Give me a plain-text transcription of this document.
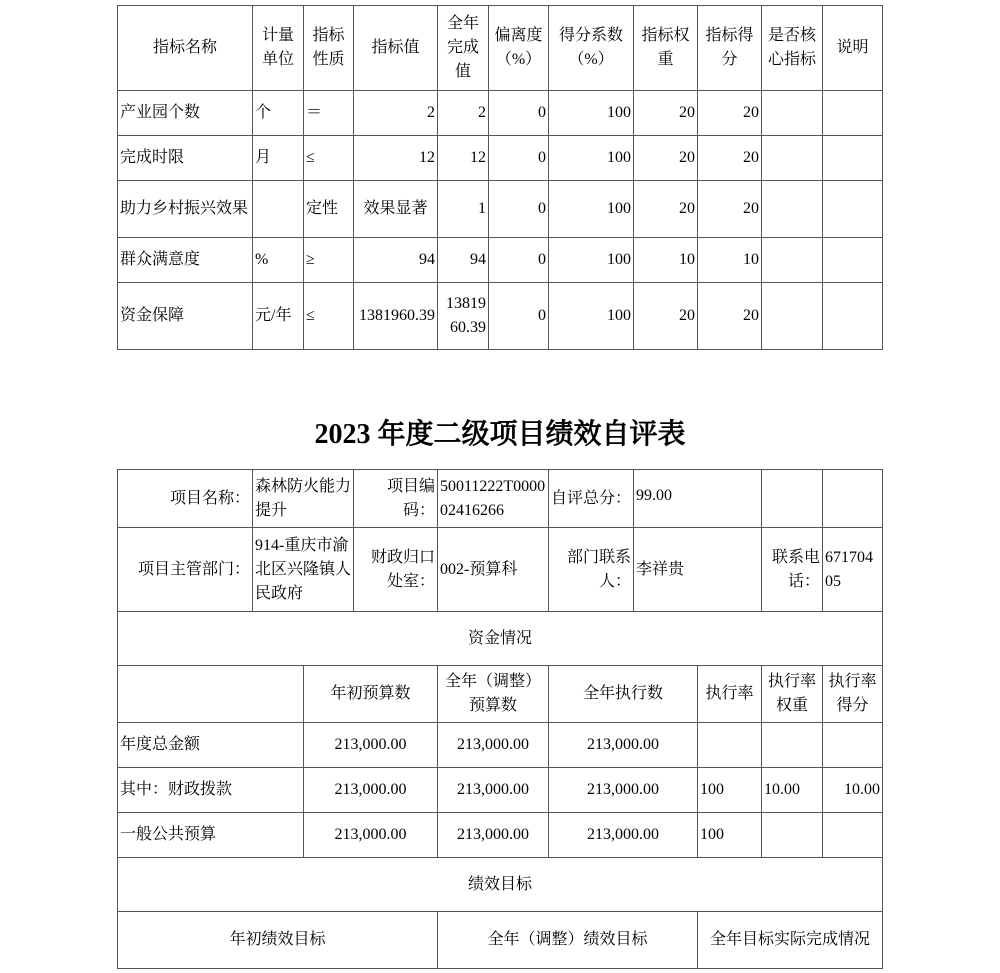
指标名称	计量单位	指标性质	指标值	全年完成值	偏离度（%）	得分系数（%）	指标权重	指标得分	是否核心指标	说明
产业园个数	个	＝	2	2	0	100	20	20		
完成时限	月	≤	12	12	0	100	20	20		
助力乡村振兴效果		定性	效果显著	1	0	100	20	20		
群众满意度	%	≥	94	94	0	100	10	10		
资金保障	元/年	≤	1381960.39	1381960.39	0	100	20	20		
2023 年度二级项目绩效自评表
项目名称：	森林防火能力提升		项目编码：	50011222T000002416266	自评总分：	99.00			
项目主管部门：	914-重庆市渝北区兴隆镇人民政府		财政归口处室：	002-预算科	部门联系人：	李祥贵		联系电话：	67170405
资金情况									
		年初预算数		全年（调整）预算数	全年执行数		执行率	执行率权重	执行率得分
年度总金额		213,000.00		213,000.00	213,000.00				
其中：财政拨款		213,000.00		213,000.00	213,000.00		100	10.00	10.00
一般公共预算		213,000.00		213,000.00	213,000.00		100		
绩效目标									
年初绩效目标				全年（调整）绩效目标			全年目标实际完成情况		
